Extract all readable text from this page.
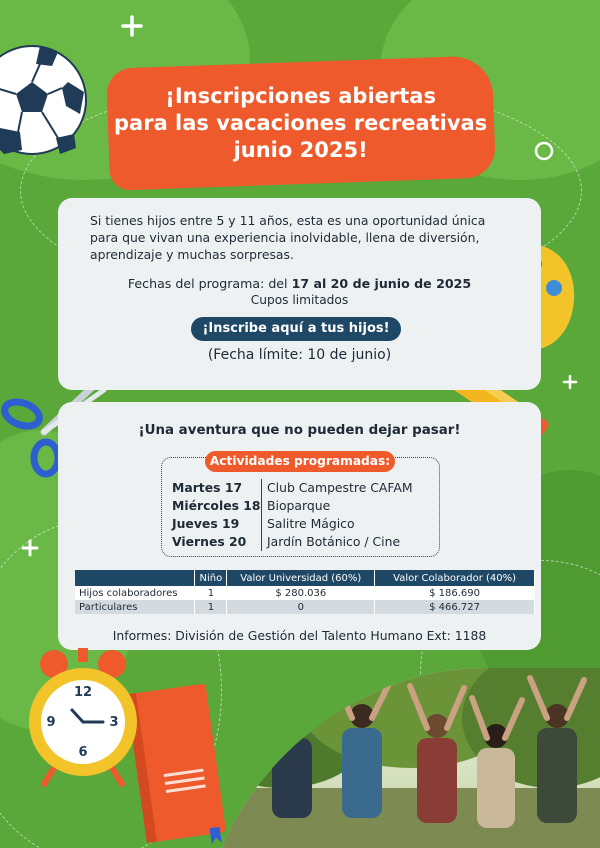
¡Inscripciones abiertas
para las vacaciones recreativas
junio 2025!

Si tienes hijos entre 5 y 11 años, esta es una oportunidad única
para que vivan una experiencia inolvidable, llena de diversión,
aprendizaje y muchas sorpresas.

Fechas del programa: del 17 al 20 de junio de 2025
Cupos limitados
¡Inscribe aquí a tus hijos!
(Fecha límite: 10 de junio)
¡Una aventura que no pueden dejar pasar!
Actividades programadas:
Martes 17	Club Campestre CAFAM
Miércoles 18 Bioparque
Jueves 19	Salitre Mágico
Viernes 20	Jardín Botánico / Cine
	Niño	Valor Universidad (60%)	Valor Colaborador (40%)
Hijos colaboradores	1	$ 280.036	$ 186.690
Particulares	1	0	$ 466.727
Informes: División de Gestión del Talento Humano Ext: 1188
12
9	3
6
